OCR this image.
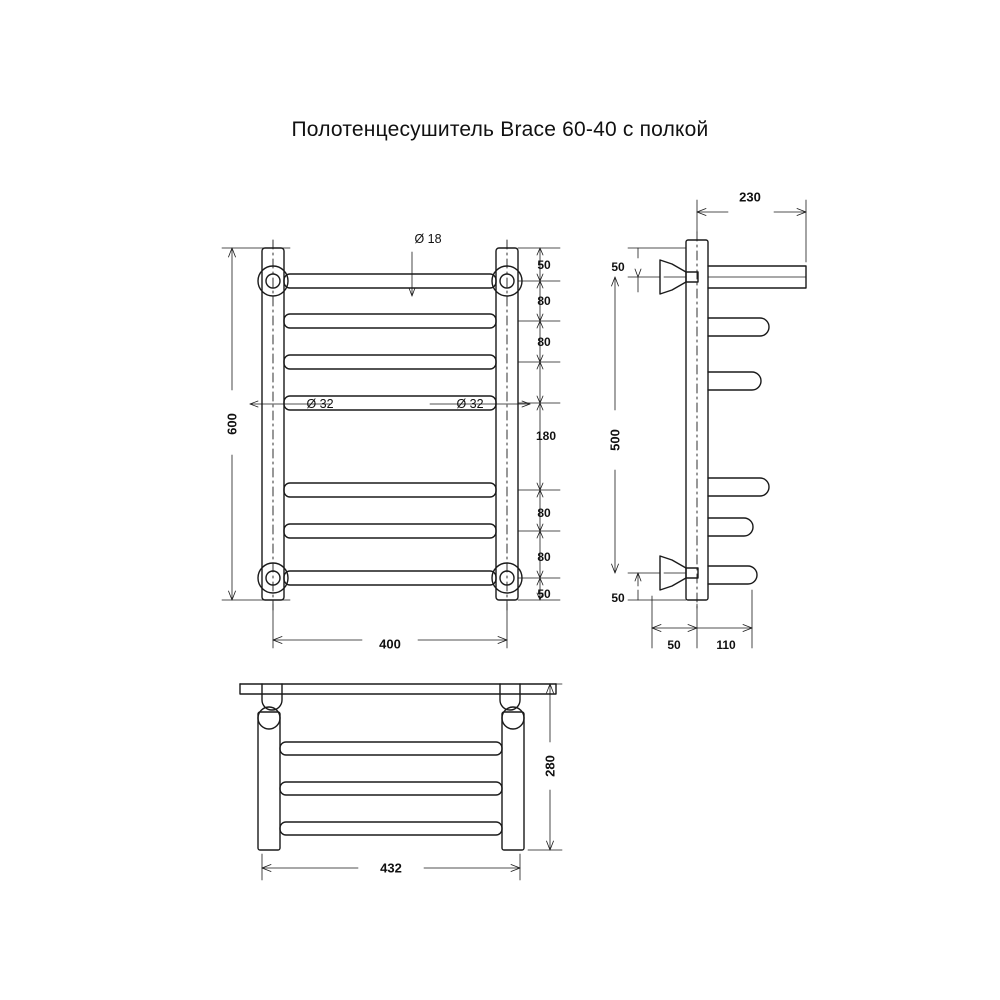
Полотенцесушитель Brace 60-40 с полкой
600
400
Ø 18
Ø 32	Ø 32
50
80
80
180
80
80
50
230
500
50
50
50	110
280
432
